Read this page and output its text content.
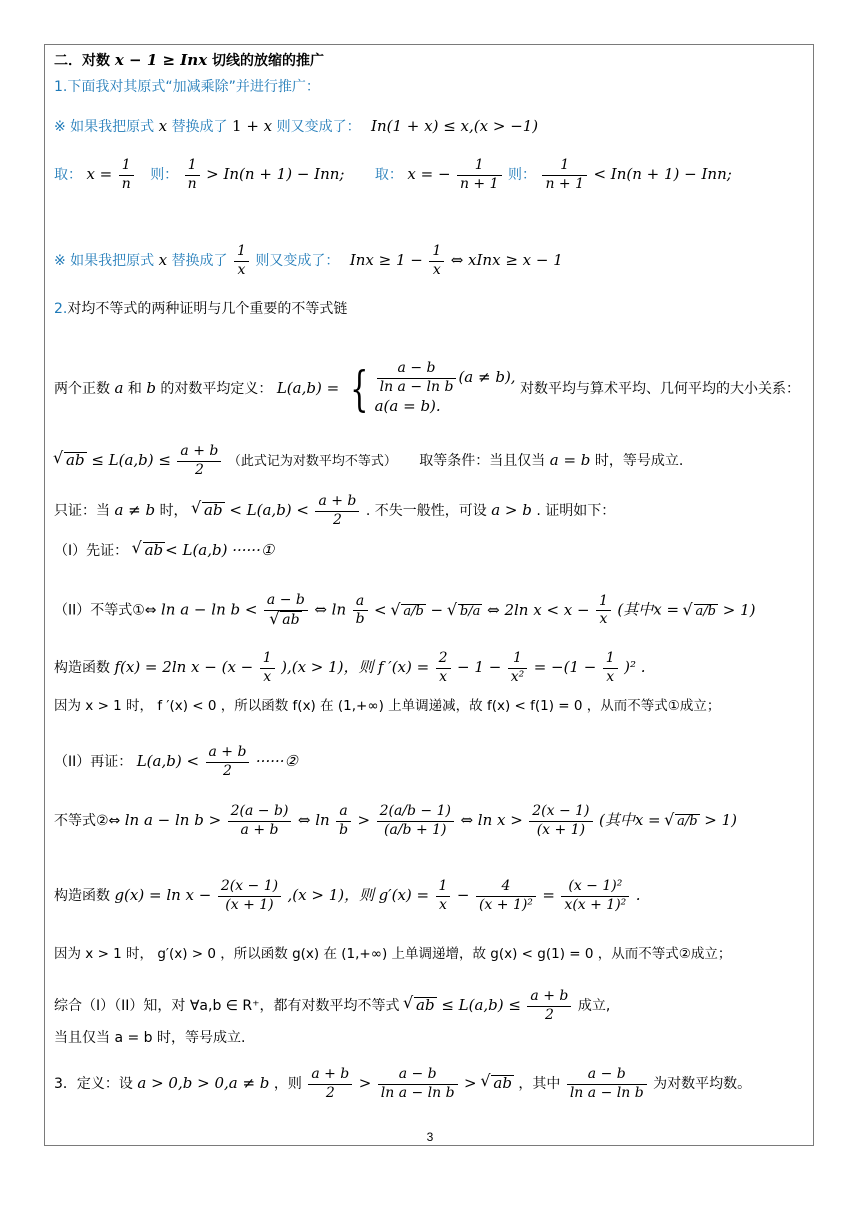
二．对数 x − 1 ≥ Inx 切线的放缩的推广
1.下面我对其原式“加减乘除”并进行推广：
※ 如果我把原式 x 替换成了 1 + x 则又变成了： In(1 + x) ≤ x,(x > −1)
取： $x = \frac{1}{n}$ 则： $\frac{1}{n} > In(n + 1)$ − Inn; 取： x = − $\frac{1}{n + 1}$ 则： $\frac{1}{n + 1} < In(n + 1)$ − Inn;
※ 如果我把原式 x 替换成了 $\frac{1}{x}$ 则又变成了： Inx ≥ $1 - \frac{1}{x}$ ⇔ xInx ≥ x − 1
2.对均不等式的两种证明与几个重要的不等式链
两个正数 a 和 b 的对数平均定义： L(a,b) = { $\frac{a - b}{\text{ln a − ln b}} (a \ne b)$,
a(a = b).
对数平均与算术平均、几何平均的大小关系：
√ ab ≤ $L(a,b) \le \frac{a + b}{2}$ （此式记为对数平均不等式） 取等条件：当且仅当 a = b 时，等号成立.
只证：当 a ≠ b 时， √ ab < $L(a,b) < \frac{a + b}{2}$ . 不失一般性，可设 a > b . 证明如下：
（I）先证： √ ab < L(a,b) ······①
（II）不等式①⇔ ln a − ln b < a − b
√ ab ⇔ $\ln \frac{a}{b}$ < √ a/b − √ b/a ⇔ 2ln $x < x - \frac{1}{x}$ (其中x = √ a/b > 1)
构造函数 f(x) = 2ln $x - (x - \frac{1}{x} ),(x > 1)$，则 f $'(x) = \frac{2}{x} - 1 - \frac{1}{\text{x²}} = -(1 - \frac{1}{x} )^2$ .
因为 x > 1 时， f ′(x) < 0 ，所以函数 f(x) 在 (1,+∞) 上单调递减，故 f(x) < f(1) = 0 ，从而不等式①成立；
（II）再证： $L(a,b) < \frac{a + b}{2}$ ······②
不等式②⇔ $\ln a - \ln b > \frac{2(a - b)}{a + b}$ ⇔ $\ln \frac{a}{b} > \frac{2(a/b - 1)}{(a/b + 1)}$ ⇔ $\ln x > \frac{2(x - 1)}{(x + 1)}$ (其中x = √ a/b > 1)
构造函数 $g(x) = \ln x - \frac{2(x - 1)}{(x + 1)} ,(x > 1)$，则 $g'(x) = \frac{1}{x} - \frac{4}{\text{(x + 1)²}} = \frac{\text{(x − 1)²}}{\text{x(x + 1)²}}$ .
因为 x > 1 时， g′(x) > 0 ，所以函数 g(x) 在 (1,+∞) 上单调递增，故 g(x) < g(1) = 0 ，从而不等式②成立；
综合（I）（II）知，对 ∀a,b ∈ R⁺，都有对数平均不等式 √ ab ≤ $L(a,b) \le \frac{a + b}{2}$ 成立,
当且仅当 a = b 时，等号成立.
3．定义：设 a > 0,b > 0,a ≠ b ，则 $\frac{a + b}{2} > \frac{a - b}{\text{ln a − ln b}}$ > √ ab ，其中 $\frac{a - b}{\text{ln a − ln b}}$ 为对数平均数。
3
